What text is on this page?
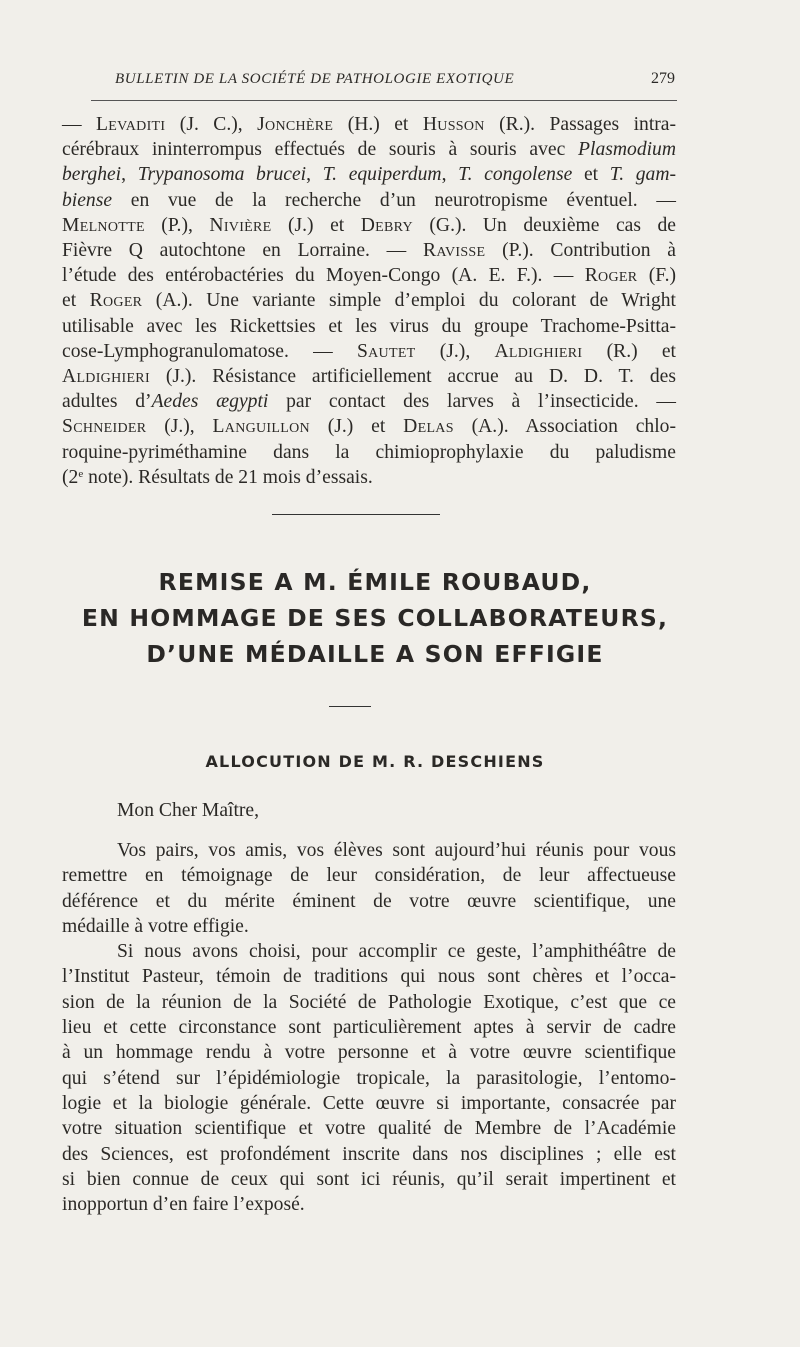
BULLETIN DE LA SOCIÉTÉ DE PATHOLOGIE EXOTIQUE	279

— Levaditi (J. C.), Jonchère (H.) et Husson (R.). Passages intra-

cérébraux ininterrompus effectués de souris à souris avec Plasmodium

berghei, Trypanosoma brucei, T. equiperdum, T. congolense et T. gam-

biense en vue de la recherche d’un neurotropisme éventuel. —

Melnotte (P.), Nivière (J.) et Debry (G.). Un deuxième cas de

Fièvre Q autochtone en Lorraine. — Ravisse (P.). Contribution à

l’étude des entérobactéries du Moyen-Congo (A. E. F.). — Roger (F.)

et Roger (A.). Une variante simple d’emploi du colorant de Wright

utilisable avec les Rickettsies et les virus du groupe Trachome-Psitta-

cose-Lymphogranulomatose. — Sautet (J.), Aldighieri (R.) et

Aldighieri (J.). Résistance artificiellement accrue au D. D. T. des

adultes d’Aedes ægypti par contact des larves à l’insecticide. —

Schneider (J.), Languillon (J.) et Delas (A.). Association chlo-

roquine-pyriméthamine dans la chimioprophylaxie du paludisme

(2e note). Résultats de 21 mois d’essais.

REMISE A M. ÉMILE ROUBAUD,
EN HOMMAGE DE SES COLLABORATEURS,
D’UNE MÉDAILLE A SON EFFIGIE
ALLOCUTION DE M. R. DESCHIENS
Mon Cher Maître,

Vos pairs, vos amis, vos élèves sont aujourd’hui réunis pour vous

remettre en témoignage de leur considération, de leur affectueuse

déférence et du mérite éminent de votre œuvre scientifique, une

médaille à votre effigie.

Si nous avons choisi, pour accomplir ce geste, l’amphithéâtre de

l’Institut Pasteur, témoin de traditions qui nous sont chères et l’occa-

sion de la réunion de la Société de Pathologie Exotique, c’est que ce

lieu et cette circonstance sont particulièrement aptes à servir de cadre

à un hommage rendu à votre personne et à votre œuvre scientifique

qui s’étend sur l’épidémiologie tropicale, la parasitologie, l’entomo-

logie et la biologie générale. Cette œuvre si importante, consacrée par

votre situation scientifique et votre qualité de Membre de l’Académie

des Sciences, est profondément inscrite dans nos disciplines ; elle est

si bien connue de ceux qui sont ici réunis, qu’il serait impertinent et

inopportun d’en faire l’exposé.
